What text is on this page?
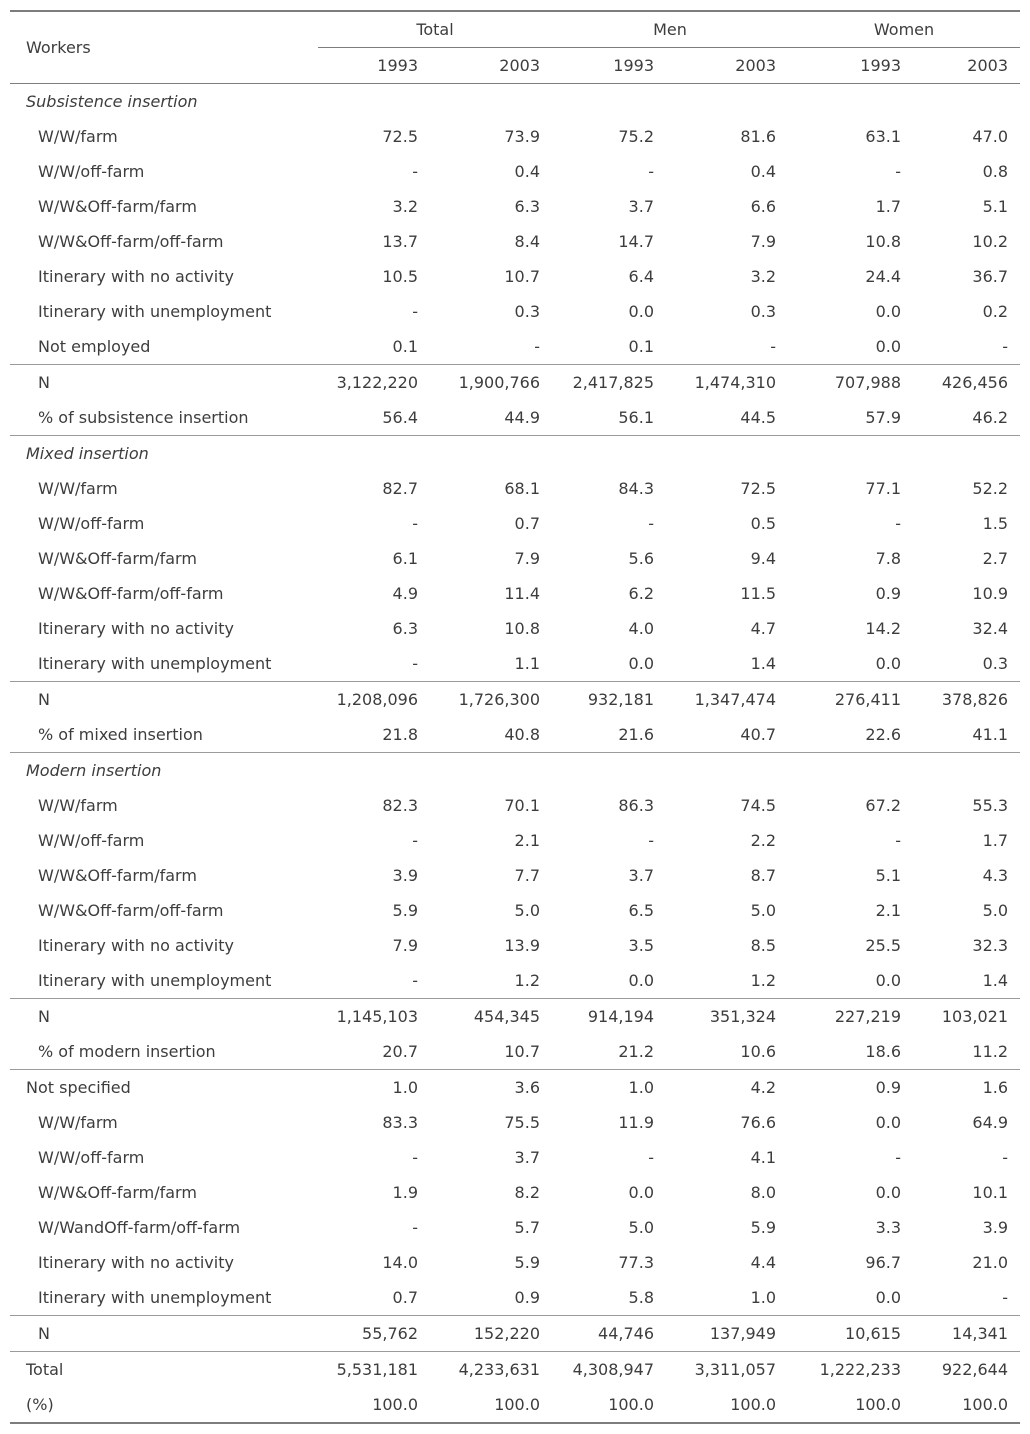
Workers	Total		Men		Women	
	1993	2003	1993	2003	1993	2003
Subsistence insertion						
W/W/farm	72.5	73.9	75.2	81.6	63.1	47.0
W/W/off-farm	-	0.4	-	0.4	-	0.8
W/W&Off-farm/farm	3.2	6.3	3.7	6.6	1.7	5.1
W/W&Off-farm/off-farm	13.7	8.4	14.7	7.9	10.8	10.2
Itinerary with no activity	10.5	10.7	6.4	3.2	24.4	36.7
Itinerary with unemployment	-	0.3	0.0	0.3	0.0	0.2
Not employed	0.1	-	0.1	-	0.0	-
N	3,122,220	1,900,766	2,417,825	1,474,310	707,988	426,456
% of subsistence insertion	56.4	44.9	56.1	44.5	57.9	46.2
Mixed insertion						
W/W/farm	82.7	68.1	84.3	72.5	77.1	52.2
W/W/off-farm	-	0.7	-	0.5	-	1.5
W/W&Off-farm/farm	6.1	7.9	5.6	9.4	7.8	2.7
W/W&Off-farm/off-farm	4.9	11.4	6.2	11.5	0.9	10.9
Itinerary with no activity	6.3	10.8	4.0	4.7	14.2	32.4
Itinerary with unemployment	-	1.1	0.0	1.4	0.0	0.3
N	1,208,096	1,726,300	932,181	1,347,474	276,411	378,826
% of mixed insertion	21.8	40.8	21.6	40.7	22.6	41.1
Modern insertion						
W/W/farm	82.3	70.1	86.3	74.5	67.2	55.3
W/W/off-farm	-	2.1	-	2.2	-	1.7
W/W&Off-farm/farm	3.9	7.7	3.7	8.7	5.1	4.3
W/W&Off-farm/off-farm	5.9	5.0	6.5	5.0	2.1	5.0
Itinerary with no activity	7.9	13.9	3.5	8.5	25.5	32.3
Itinerary with unemployment	-	1.2	0.0	1.2	0.0	1.4
N	1,145,103	454,345	914,194	351,324	227,219	103,021
% of modern insertion	20.7	10.7	21.2	10.6	18.6	11.2
Not specified	1.0	3.6	1.0	4.2	0.9	1.6
W/W/farm	83.3	75.5	11.9	76.6	0.0	64.9
W/W/off-farm	-	3.7	-	4.1	-	-
W/W&Off-farm/farm	1.9	8.2	0.0	8.0	0.0	10.1
W/WandOff-farm/off-farm	-	5.7	5.0	5.9	3.3	3.9
Itinerary with no activity	14.0	5.9	77.3	4.4	96.7	21.0
Itinerary with unemployment	0.7	0.9	5.8	1.0	0.0	-
N	55,762	152,220	44,746	137,949	10,615	14,341
Total	5,531,181	4,233,631	4,308,947	3,311,057	1,222,233	922,644
(%)	100.0	100.0	100.0	100.0	100.0	100.0
